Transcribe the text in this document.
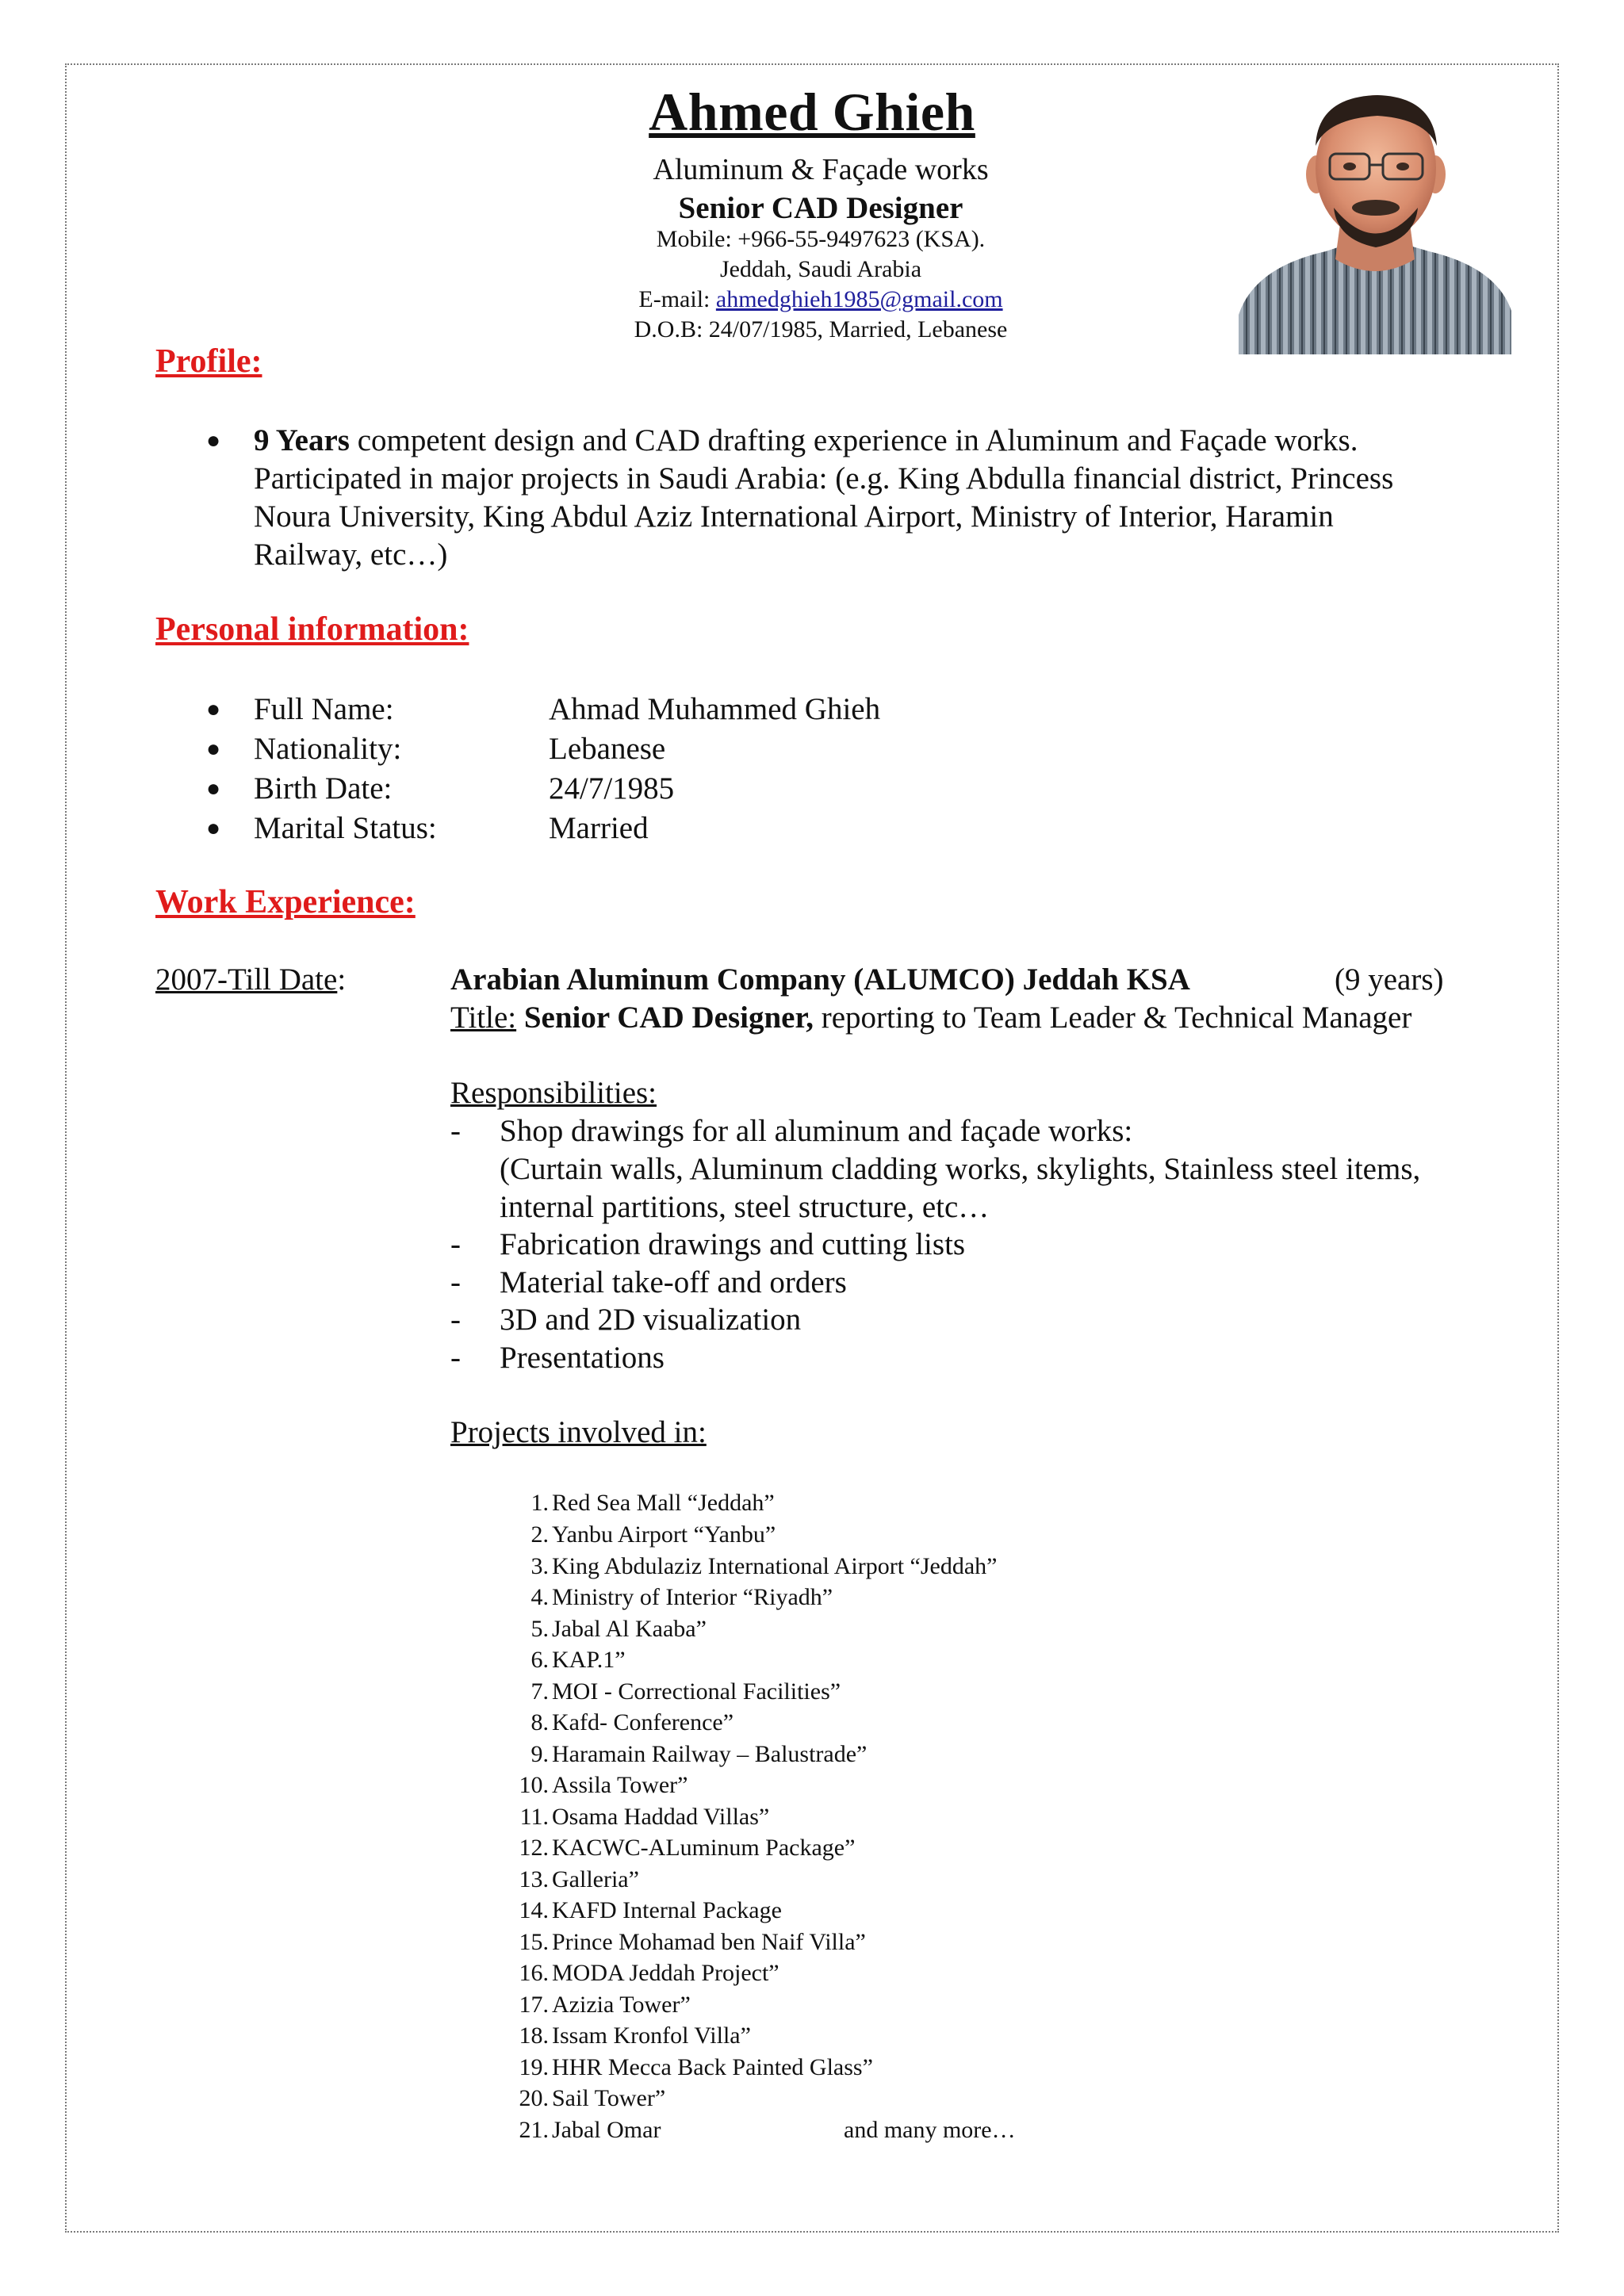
Ahmed Ghieh
Aluminum & Façade works
Senior CAD Designer
Mobile: +966-55-9497623 (KSA).
Jeddah, Saudi Arabia
E-mail: ahmedghieh1985@gmail.com
D.O.B: 24/07/1985, Married, Lebanese
Profile:
● 9 Years competent design and CAD drafting experience in Aluminum and Façade works.
Participated in major projects in Saudi Arabia: (e.g. King Abdulla financial district, Princess
Noura University, King Abdul Aziz International Airport, Ministry of Interior, Haramin
Railway, etc…)
Personal information:
● Full Name:	Ahmad Muhammed Ghieh
● Nationality:	Lebanese
● Birth Date:	24/7/1985
● Marital Status:	Married
Work Experience:
2007-Till Date:	Arabian Aluminum Company (ALUMCO) Jeddah KSA	(9 years)
Title: Senior CAD Designer, reporting to Team Leader & Technical Manager
Responsibilities:
- Shop drawings for all aluminum and façade works:
(Curtain walls, Aluminum cladding works, skylights, Stainless steel items,
internal partitions, steel structure, etc…
- Fabrication drawings and cutting lists
- Material take-off and orders
- 3D and 2D visualization
- Presentations
Projects involved in:
1. Red Sea Mall “Jeddah”
2. Yanbu Airport “Yanbu”
3. King Abdulaziz International Airport “Jeddah”
4. Ministry of Interior “Riyadh”
5. Jabal Al Kaaba”
6. KAP.1”
7. MOI - Correctional Facilities”
8. Kafd- Conference”
9. Haramain Railway – Balustrade”
10. Assila Tower”
11. Osama Haddad Villas”
12. KACWC-ALuminum Package”
13. Galleria”
14. KAFD Internal Package
15. Prince Mohamad ben Naif Villa”
16. MODA Jeddah Project”
17. Azizia Tower”
18. Issam Kronfol Villa”
19. HHR Mecca Back Painted Glass”
20. Sail Tower”
21. Jabal Omar	and many more…
